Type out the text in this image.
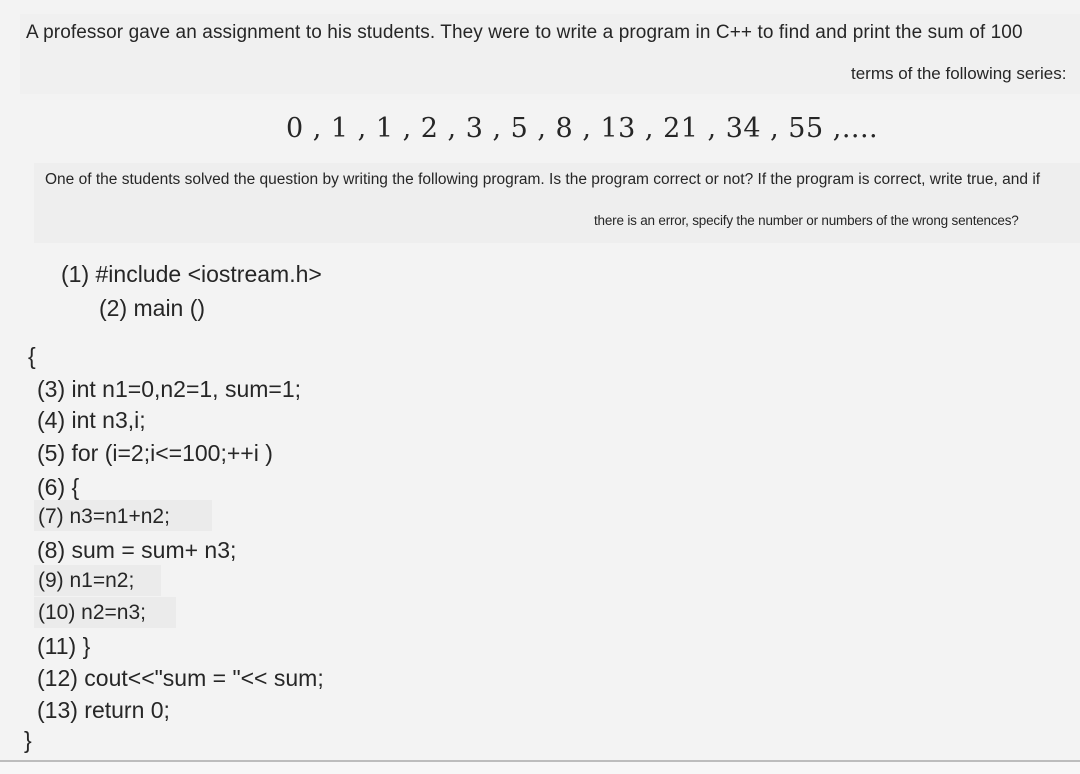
A professor gave an assignment to his students. They were to write a program in C++ to find and print the sum of 100
terms of the following series:
0 , 1 , 1 , 2 , 3 , 5 , 8 , 13 , 21 , 34 , 55 ,....
One of the students solved the question by writing the following program. Is the program correct or not? If the program is correct, write true, and if
there is an error, specify the number or numbers of the wrong sentences?
(1) #include <iostream.h>
(2) main ()
{
(3) int n1=0,n2=1, sum=1;
(4) int n3,i;
(5) for (i=2;i<=100;++i )
(6) {
(7) n3=n1+n2;
(8) sum = sum+ n3;
(9) n1=n2;
(10) n2=n3;
(11) }
(12) cout<<"sum = "<< sum;
(13) return 0;
}
